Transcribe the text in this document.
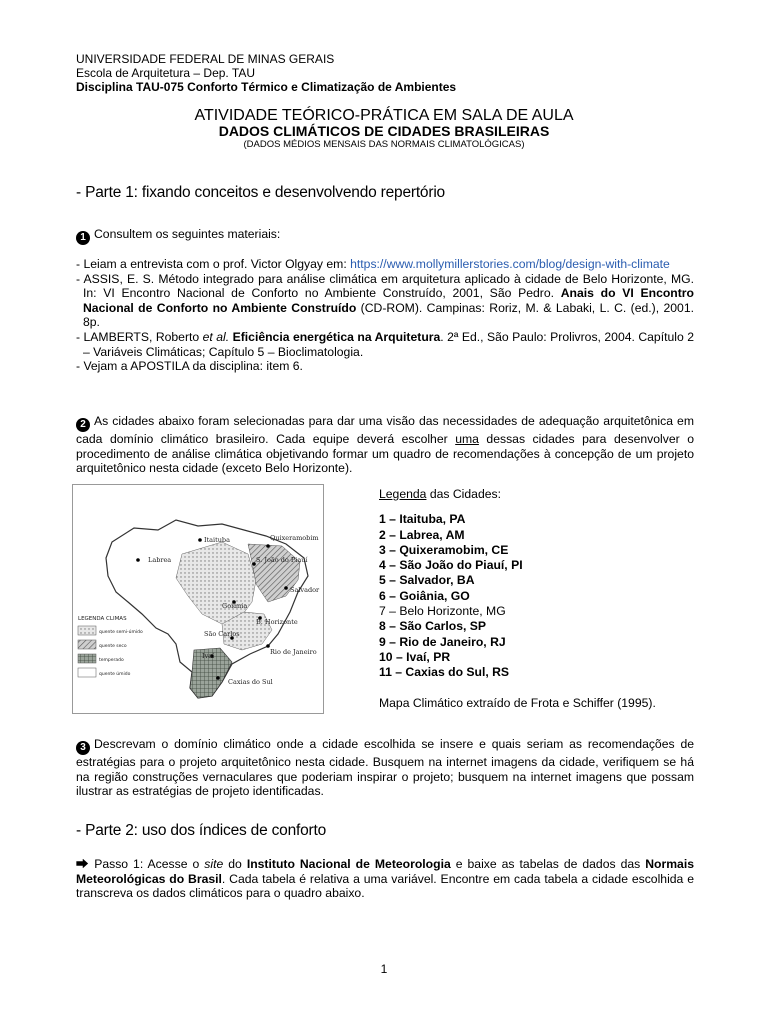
UNIVERSIDADE FEDERAL DE MINAS GERAIS
Escola de Arquitetura – Dep. TAU
Disciplina TAU-075 Conforto Térmico e Climatização de Ambientes
ATIVIDADE TEÓRICO-PRÁTICA EM SALA DE AULA
DADOS CLIMÁTICOS DE CIDADES BRASILEIRAS
(DADOS MÉDIOS MENSAIS DAS NORMAIS CLIMATOLÓGICAS)
- Parte 1: fixando conceitos e desenvolvendo repertório
1 Consultem os seguintes materiais:
- Leiam a entrevista com o prof. Victor Olgyay em: https://www.mollymillerstories.com/blog/design-with-climate
- ASSIS, E. S. Método integrado para análise climática em arquitetura aplicado à cidade de Belo Horizonte, MG. In: VI Encontro Nacional de Conforto no Ambiente Construído, 2001, São Pedro. Anais do VI Encontro Nacional de Conforto no Ambiente Construído (CD-ROM). Campinas: Roriz, M. & Labaki, L. C. (ed.), 2001. 8p.
- LAMBERTS, Roberto et al. Eficiência energética na Arquitetura. 2ª Ed., São Paulo: Prolivros, 2004. Capítulo 2 – Variáveis Climáticas; Capítulo 5 – Bioclimatologia.
- Vejam a APOSTILA da disciplina: item 6.
2 As cidades abaixo foram selecionadas para dar uma visão das necessidades de adequação arquitetônica em cada domínio climático brasileiro. Cada equipe deverá escolher uma dessas cidades para desenvolver o procedimento de análise climática objetivando formar um quadro de recomendações à concepção de um projeto arquitetônico nesta cidade (exceto Belo Horizonte).
Itaituba
Labrea
Quixeramobim
S. João do Piauí
Salvador
Goiânia
B. Horizonte
São Carlos
Rio de Janeiro
Ivaí
Caxias do Sul
LEGENDA CLIMAS
quente semi-úmido
quente seco
temperado
quente úmido
Legenda das Cidades:
1 – Itaituba, PA
2 – Labrea, AM
3 – Quixeramobim, CE
4 – São João do Piauí, PI
5 – Salvador, BA
6 – Goiânia, GO
7 – Belo Horizonte, MG
8 – São Carlos, SP
9 – Rio de Janeiro, RJ
10 – Ivaí, PR
11 – Caxias do Sul, RS
Mapa Climático extraído de Frota e Schiffer (1995).
3 Descrevam o domínio climático onde a cidade escolhida se insere e quais seriam as recomendações de estratégias para o projeto arquitetônico nesta cidade. Busquem na internet imagens da cidade, verifiquem se há na região construções vernaculares que poderiam inspirar o projeto; busquem na internet imagens que possam ilustrar as estratégias de projeto identificadas.
- Parte 2: uso dos índices de conforto
⮕ Passo 1: Acesse o site do Instituto Nacional de Meteorologia e baixe as tabelas de dados das Normais Meteorológicas do Brasil. Cada tabela é relativa a uma variável. Encontre em cada tabela a cidade escolhida e transcreva os dados climáticos para o quadro abaixo.
1
